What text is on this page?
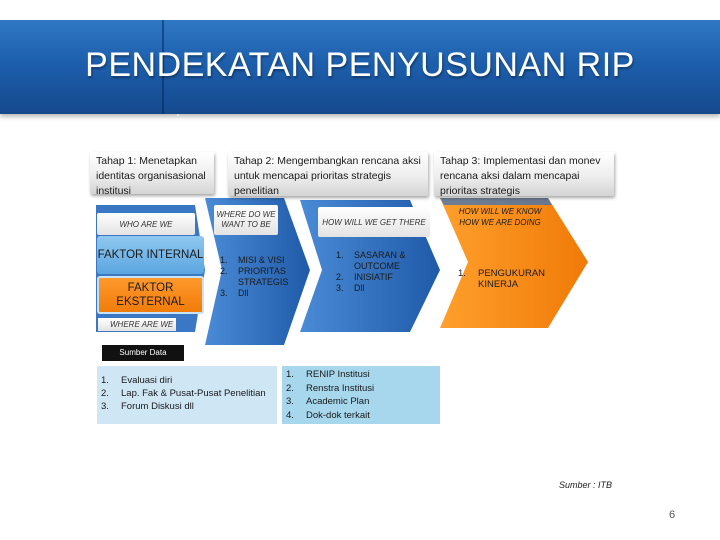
PENDEKATAN PENYUSUNAN RIP
Tahap 1: Menetapkan identitas organisasional institusi
Tahap 2: Mengembangkan rencana aksi untuk mencapai prioritas strategis penelitian
Tahap 3: Implementasi dan monev rencana aksi dalam mencapai prioritas strategis
WHO ARE WE
WHERE DO WE WANT TO BE	HOW WILL WE GET THERE
HOW WILL WE KNOW HOW WE ARE DOING
FAKTOR INTERNAL
FAKTOR EKSTERNAL
1.	MISI & VISI
2.	PRIORITAS STRATEGIS
3.	Dll
1.	SASARAN & OUTCOME
2.	INISIATIF
3.	Dll
1.	PENGUKURAN KINERJA
WHERE ARE WE
Sumber Data
1.	Evaluasi diri
2.	Lap. Fak & Pusat-Pusat Penelitian
3.	Forum Diskusi dll
1.	RENIP Institusi
2.	Renstra Institusi
3.	Academic Plan
4.	Dok-dok terkait
Sumber : ITB
6
